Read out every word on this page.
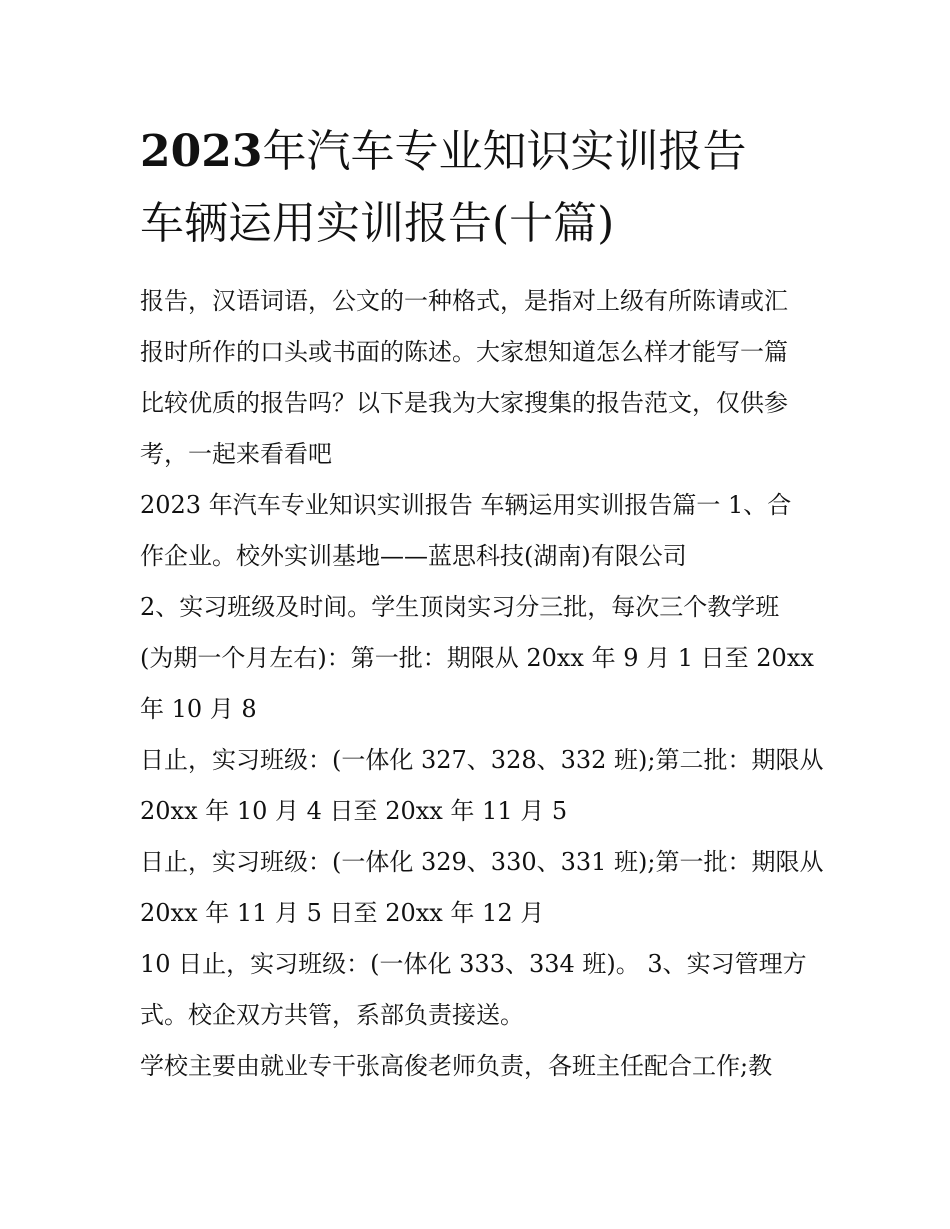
2023年汽车专业知识实训报告
车辆运用实训报告(十篇)

报告，汉语词语，公文的一种格式，是指对上级有所陈请或汇

报时所作的口头或书面的陈述。大家想知道怎么样才能写一篇

比较优质的报告吗？以下是我为大家搜集的报告范文，仅供参

考，一起来看看吧

2023 年汽车专业知识实训报告 车辆运用实训报告篇一 1、合

作企业。校外实训基地——蓝思科技(湖南)有限公司

2、实习班级及时间。学生顶岗实习分三批，每次三个教学班

(为期一个月左右)：第一批：期限从 20xx 年 9 月 1 日至 20xx

年 10 月 8

日止，实习班级：(一体化 327、328、332 班);第二批：期限从

20xx 年 10 月 4 日至 20xx 年 11 月 5

日止，实习班级：(一体化 329、330、331 班);第一批：期限从

20xx 年 11 月 5 日至 20xx 年 12 月

10 日止，实习班级：(一体化 333、334 班)。 3、实习管理方

式。校企双方共管，系部负责接送。

学校主要由就业专干张高俊老师负责，各班主任配合工作;教
